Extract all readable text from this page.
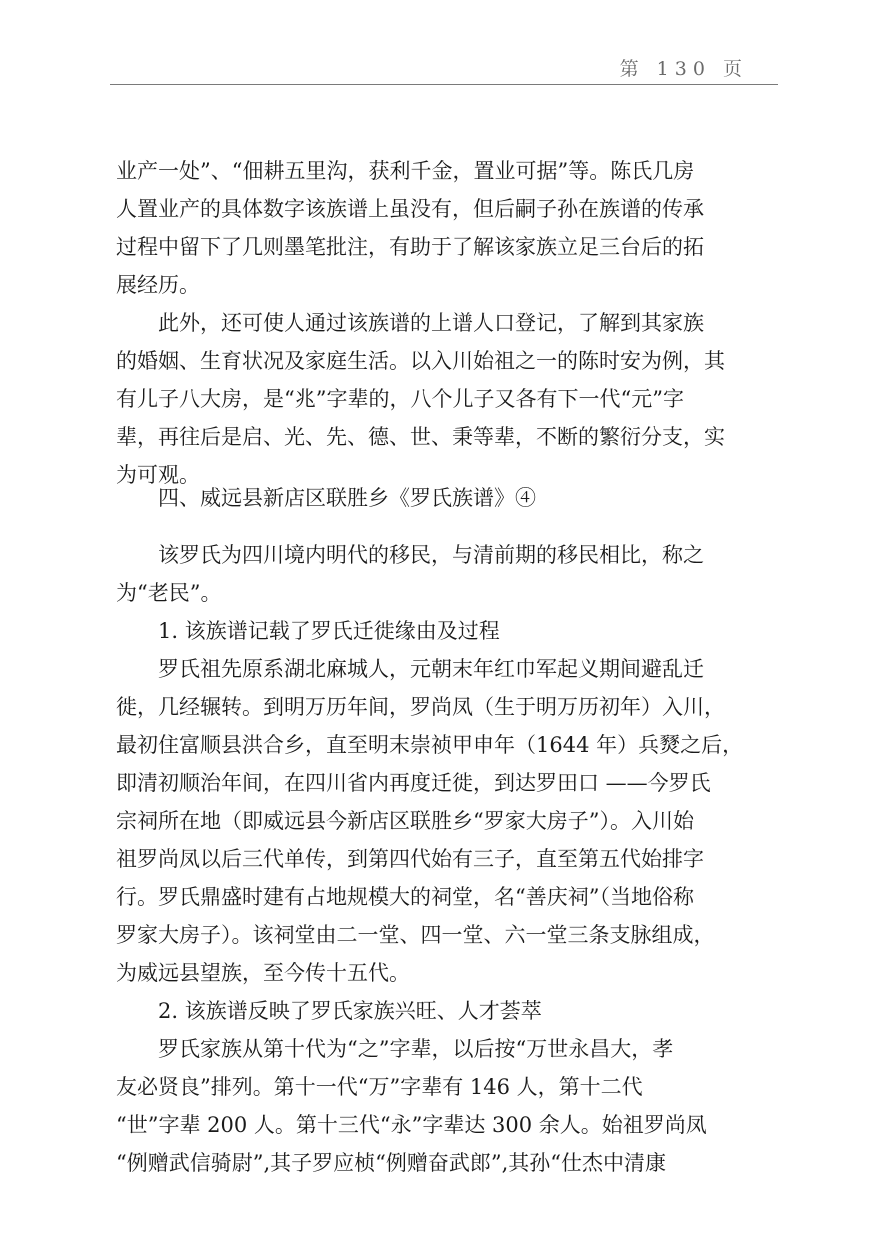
第 130 页
业产一处”、“佃耕五里沟，获利千金，置业可据”等。陈氏几房
人置业产的具体数字该族谱上虽没有，但后嗣子孙在族谱的传承
过程中留下了几则墨笔批注，有助于了解该家族立足三台后的拓
展经历。
此外，还可使人通过该族谱的上谱人口登记，了解到其家族
的婚姻、生育状况及家庭生活。以入川始祖之一的陈时安为例，其
有儿子八大房，是“兆”字辈的，八个儿子又各有下一代“元”字
辈，再往后是启、光、先、德、世、秉等辈，不断的繁衍分支，实
为可观。
四、威远县新店区联胜乡《罗氏族谱》④
该罗氏为四川境内明代的移民，与清前期的移民相比，称之
为“老民”。
1. 该族谱记载了罗氏迁徙缘由及过程
罗氏祖先原系湖北麻城人，元朝末年红巾军起义期间避乱迁
徙，几经辗转。到明万历年间，罗尚凤（生于明万历初年）入川，
最初住富顺县洪合乡，直至明末崇祯甲申年（1644 年）兵燹之后，
即清初顺治年间，在四川省内再度迁徙，到达罗田口 ——今罗氏
宗祠所在地（即威远县今新店区联胜乡“罗家大房子”）。入川始
祖罗尚凤以后三代单传，到第四代始有三子，直至第五代始排字
行。罗氏鼎盛时建有占地规模大的祠堂，名“善庆祠”（当地俗称
罗家大房子）。该祠堂由二一堂、四一堂、六一堂三条支脉组成，
为威远县望族，至今传十五代。
2. 该族谱反映了罗氏家族兴旺、人才荟萃
罗氏家族从第十代为“之”字辈，以后按“万世永昌大，孝
友必贤良”排列。第十一代“万”字辈有 146 人，第十二代
“世”字辈 200 人。第十三代“永”字辈达 300 余人。始祖罗尚凤
“例赠武信骑尉”,其子罗应桢“例赠奋武郎”,其孙“仕杰中清康
